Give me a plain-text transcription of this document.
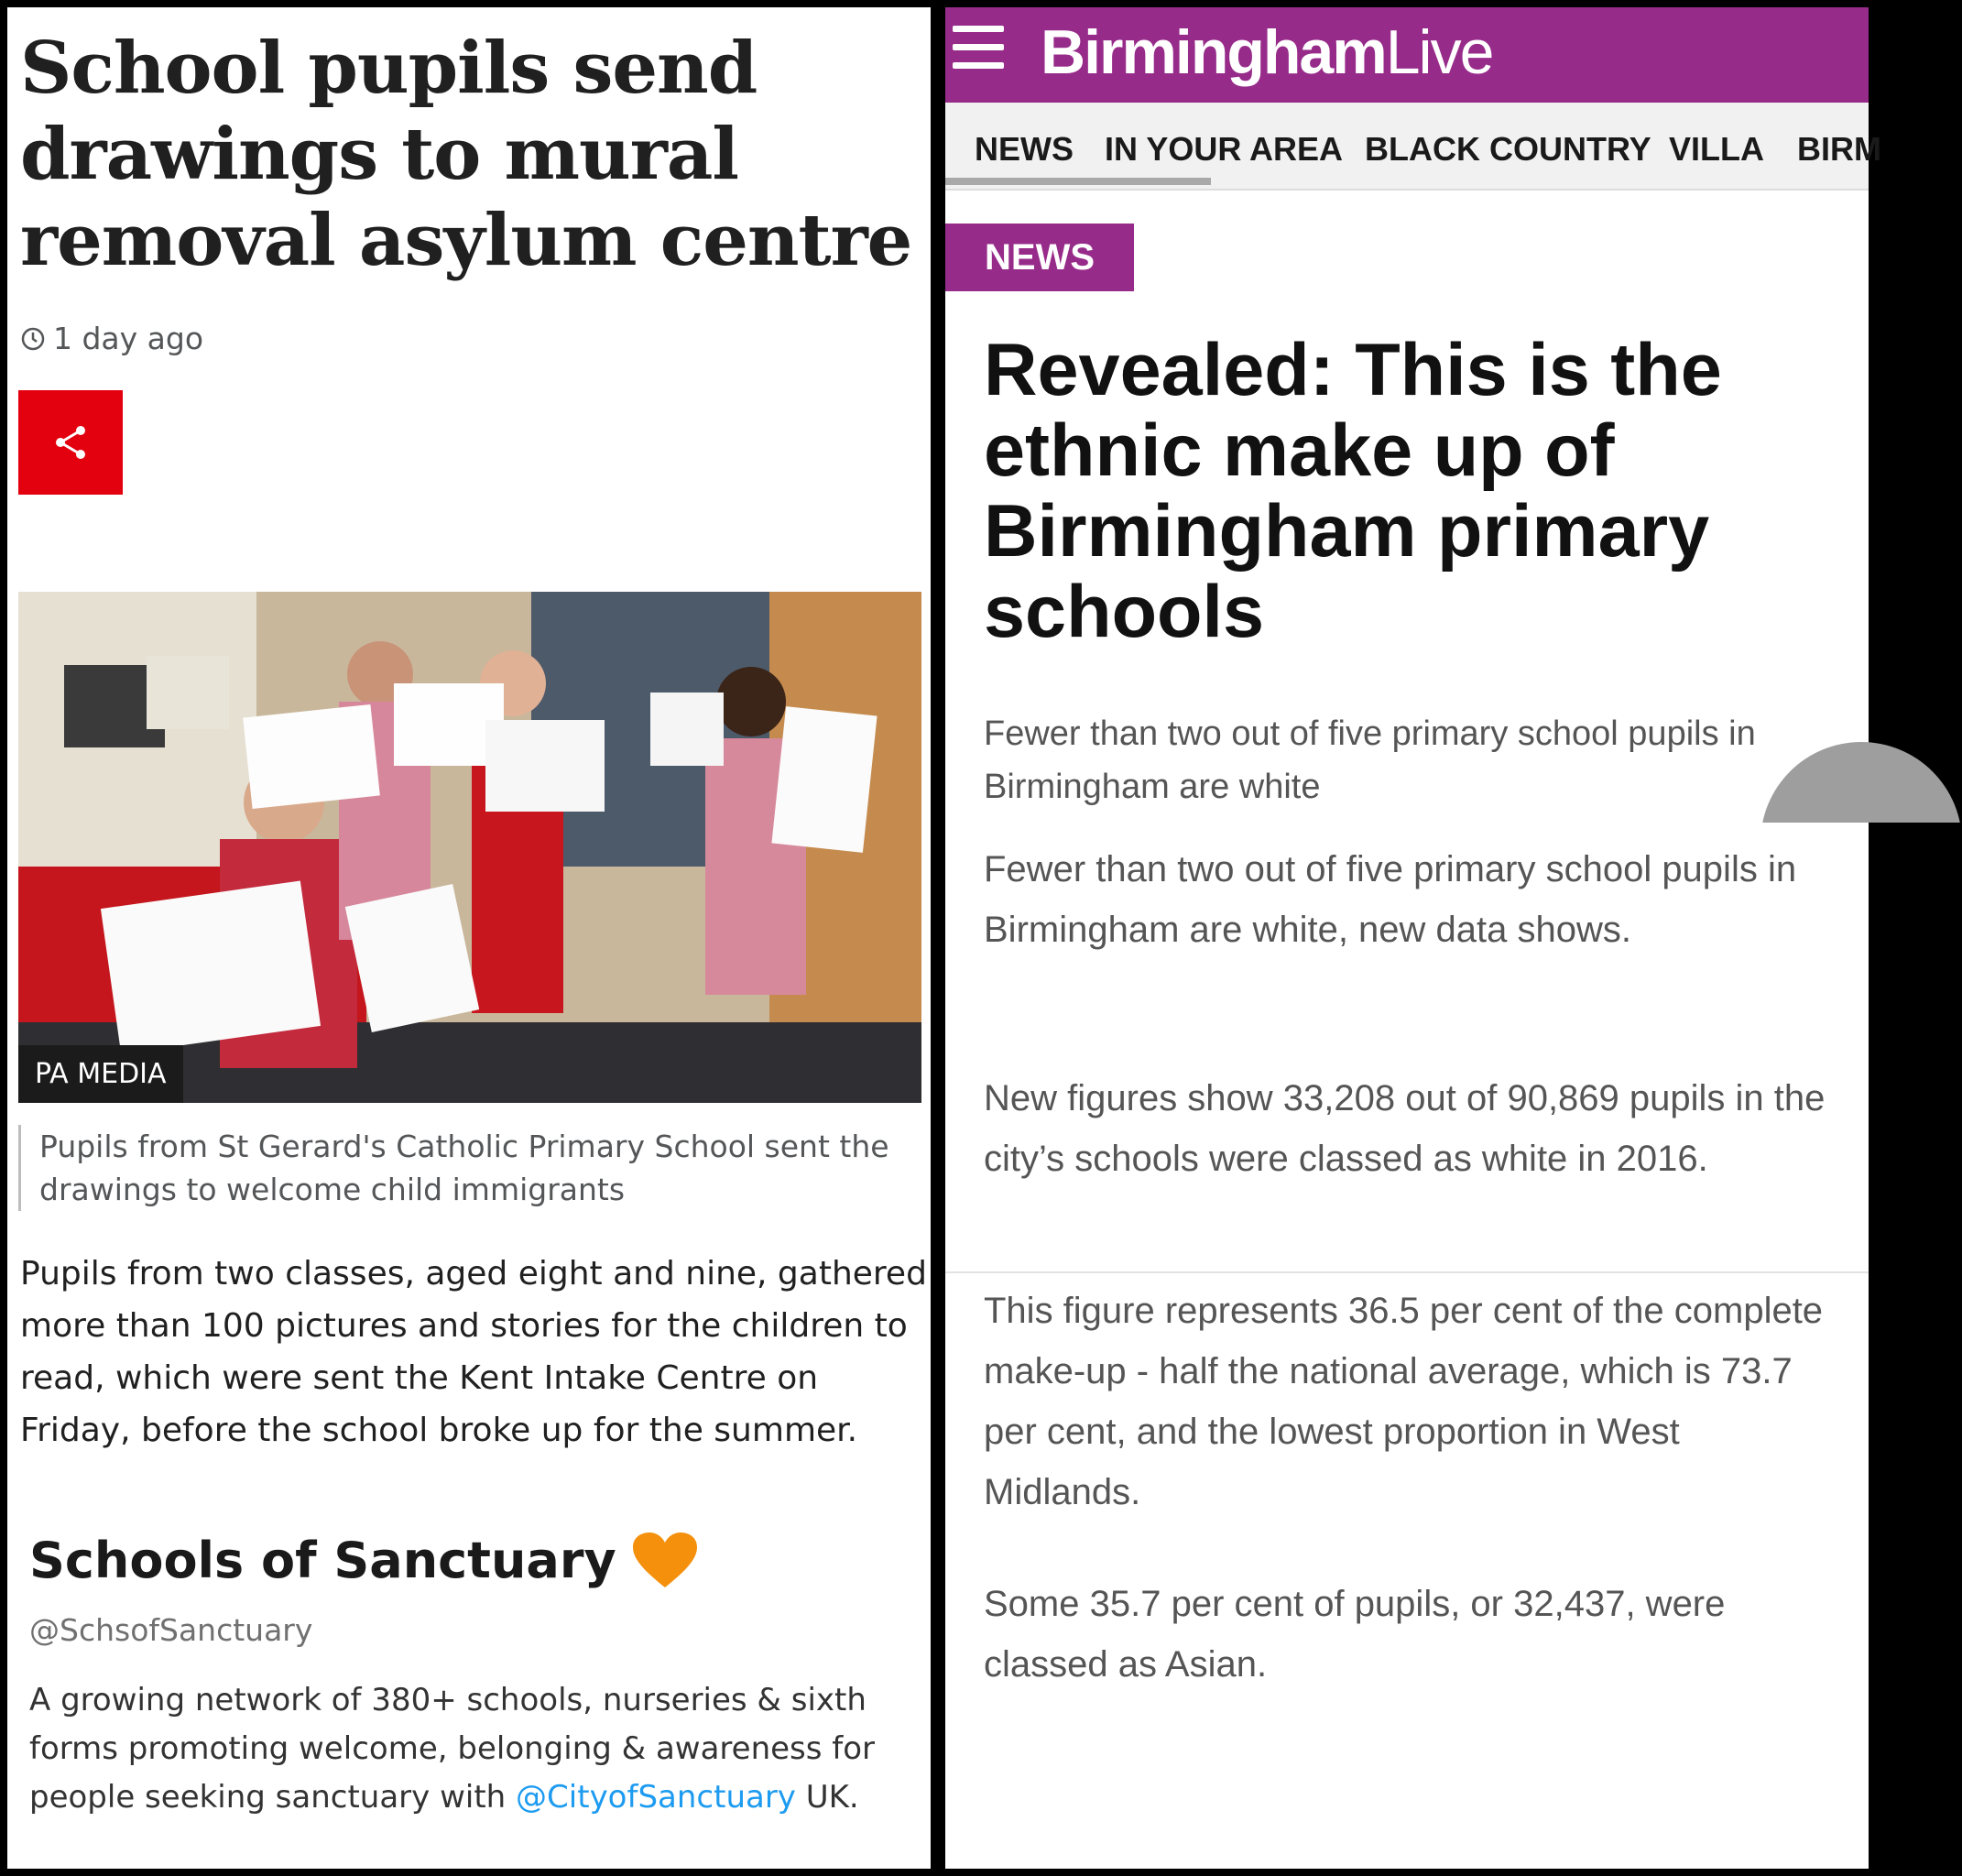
School pupils send drawings to mural removal asylum centre
1 day ago
PA MEDIA
Pupils from St Gerard's Catholic Primary School sent the drawings to welcome child immigrants
Pupils from two classes, aged eight and nine, gathered more than 100 pictures and stories for the children to read, which were sent the Kent Intake Centre on Friday, before the school broke up for the summer.
Schools of Sanctuary
@SchsofSanctuary
A growing network of 380+ schools, nurseries & sixth forms promoting welcome, belonging & awareness for people seeking sanctuary with @CityofSanctuary UK.
BirminghamLive
NEWS IN YOUR AREA BLACK COUNTRY VILLA BIRM
NEWS
Revealed: This is the ethnic make up of Birmingham primary schools
Fewer than two out of five primary school pupils in Birmingham are white

Fewer than two out of five primary school pupils in Birmingham are white, new data shows.

New figures show 33,208 out of 90,869 pupils in the city’s schools were classed as white in 2016.

This figure represents 36.5 per cent of the complete make-up - half the national average, which is 73.7 per cent, and the lowest proportion in West Midlands.

Some 35.7 per cent of pupils, or 32,437, were classed as Asian.
